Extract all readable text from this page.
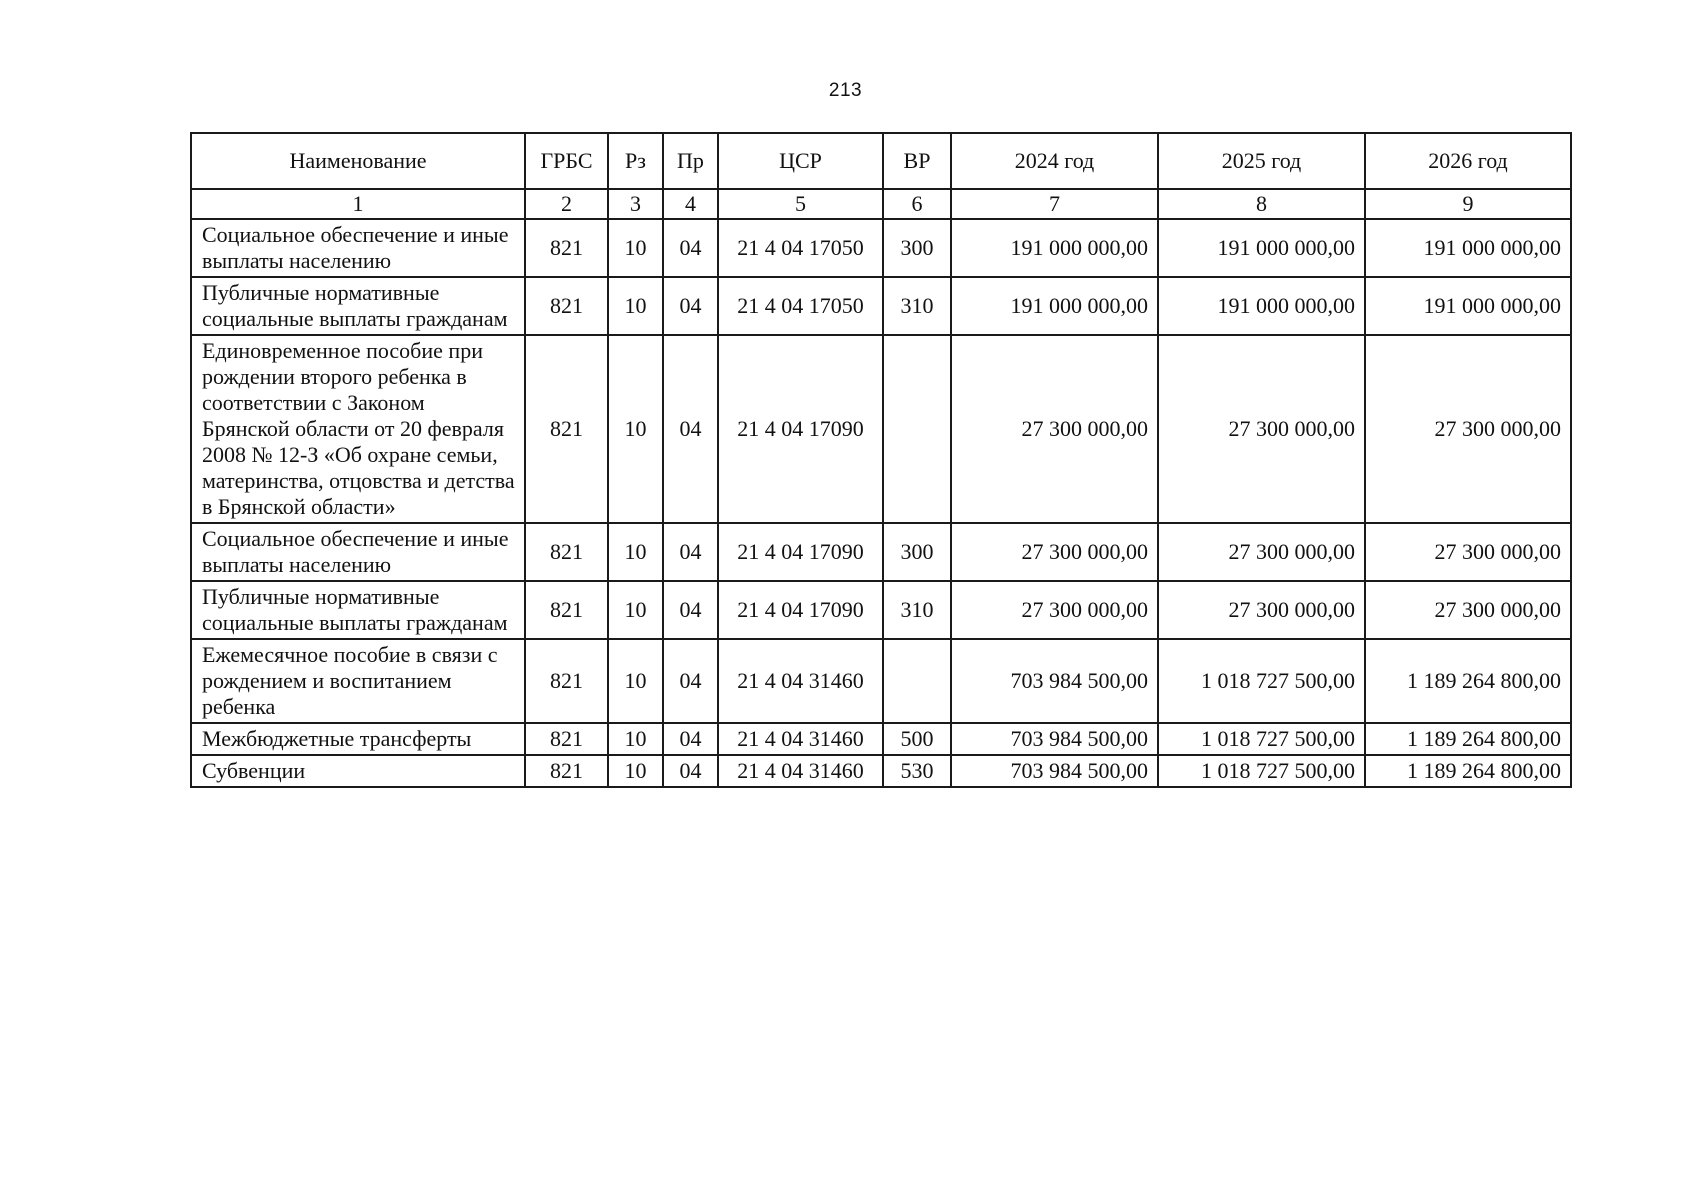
213
Наименование	ГРБС	Рз	Пр	ЦСР	ВР	2024 год	2025 год	2026 год
1	2	3	4	5	6	7	8	9
Социальное обеспечение и иные выплаты населению	821	10	04	21 4 04 17050	300	191 000 000,00	191 000 000,00	191 000 000,00
Публичные нормативные социальные выплаты гражданам	821	10	04	21 4 04 17050	310	191 000 000,00	191 000 000,00	191 000 000,00
Единовременное пособие при рождении второго ребенка в соответствии с Законом Брянской области от 20 февраля 2008 № 12-З «Об охране семьи, материнства, отцовства и детства в Брянской области»	821	10	04	21 4 04 17090		27 300 000,00	27 300 000,00	27 300 000,00
Социальное обеспечение и иные выплаты населению	821	10	04	21 4 04 17090	300	27 300 000,00	27 300 000,00	27 300 000,00
Публичные нормативные социальные выплаты гражданам	821	10	04	21 4 04 17090	310	27 300 000,00	27 300 000,00	27 300 000,00
Ежемесячное пособие в связи с рождением и воспитанием ребенка	821	10	04	21 4 04 31460		703 984 500,00	1 018 727 500,00	1 189 264 800,00
Межбюджетные трансферты	821	10	04	21 4 04 31460	500	703 984 500,00	1 018 727 500,00	1 189 264 800,00
Субвенции	821	10	04	21 4 04 31460	530	703 984 500,00	1 018 727 500,00	1 189 264 800,00
